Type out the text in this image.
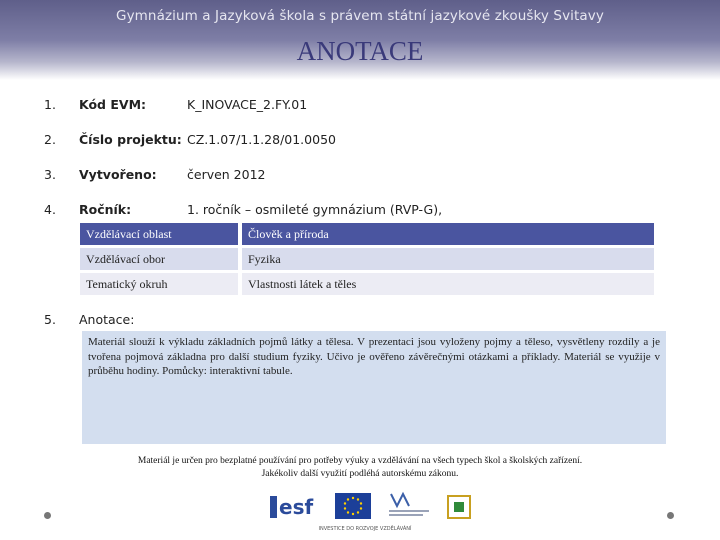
Gymnázium a Jazyková škola s právem státní jazykové zkoušky Svitavy
ANOTACE
1. Kód EVM:	K_INOVACE_2.FY.01
2. Číslo projektu: CZ.1.07/1.1.28/01.0050
3. Vytvořeno: červen 2012
4. Ročník:	1. ročník – osmileté gymnázium (RVP-G),
Vzdělávací oblast	Člověk a příroda
Vzdělávací obor	Fyzika
Tematický okruh	Vlastnosti látek a těles
5. Anotace:
Materiál slouží k výkladu základních pojmů látky a tělesa. V prezentaci jsou vyloženy pojmy a těleso, vysvětleny rozdíly a je tvořena pojmová základna pro další studium fyziky. Učivo je ověřeno závěrečnými otázkami a příklady. Materiál se využije v průběhu hodiny. Pomůcky: interaktivní tabule.
Materiál je určen pro bezplatné používání pro potřeby výuky a vzdělávání na všech typech škol a školských zařízení.
Jakékoliv další využití podléhá autorskému zákonu.
esf
INVESTICE DO ROZVOJE VZDĚLÁVÁNÍ
